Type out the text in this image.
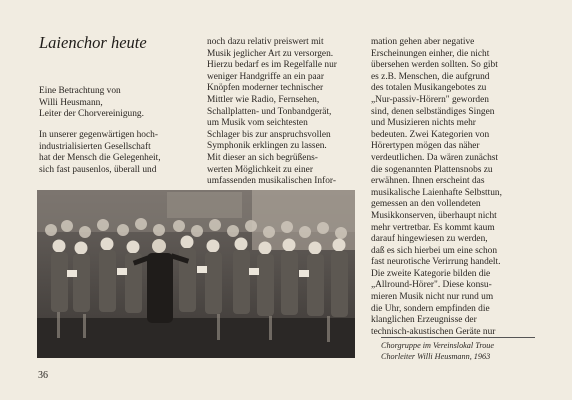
Laienchor heute
Eine Betrachtung von
Willi Heusmann,
Leiter der Chorvereinigung.
In unserer gegenwärtigen hoch-
industrialisierten Gesellschaft
hat der Mensch die Gelegenheit,
sich fast pausenlos, überall und
noch dazu relativ preiswert mit
Musik jeglicher Art zu versorgen.
Hierzu bedarf es im Regelfalle nur
weniger Handgriffe an ein paar
Knöpfen moderner technischer
Mittler wie Radio, Fernsehen,
Schallplatten- und Tonbandgerät,
um Musik vom seichtesten
Schlager bis zur anspruchsvollen
Symphonik erklingen zu lassen.
Mit dieser an sich begrüßens-
werten Möglichkeit zu einer
umfassenden musikalischen Infor-
mation gehen aber negative
Erscheinungen einher, die nicht
übersehen werden sollten. So gibt
es z.B. Menschen, die aufgrund
des totalen Musikangebotes zu
„Nur-passiv-Hörern" geworden
sind, denen selbständiges Singen
und Musizieren nichts mehr
bedeuten. Zwei Kategorien von
Hörertypen mögen das näher
verdeutlichen. Da wären zunächst
die sogenannten Plattensnobs zu
erwähnen. Ihnen erscheint das
musikalische Laienhafte Selbsttun,
gemessen an den vollendeten
Musikkonserven, überhaupt nicht
mehr vertretbar. Es kommt kaum
darauf hingewiesen zu werden,
daß es sich hierbei um eine schon
fast neurotische Verirrung handelt.
Die zweite Kategorie bilden die
„Allround-Hörer". Diese konsu-
mieren Musik nicht nur rund um
die Uhr, sondern empfinden die
klanglichen Erzeugnisse der
technisch-akustischen Geräte nur
Chorgruppe im Vereinslokal Troue
Chorleiter Willi Heusmann, 1963
36
